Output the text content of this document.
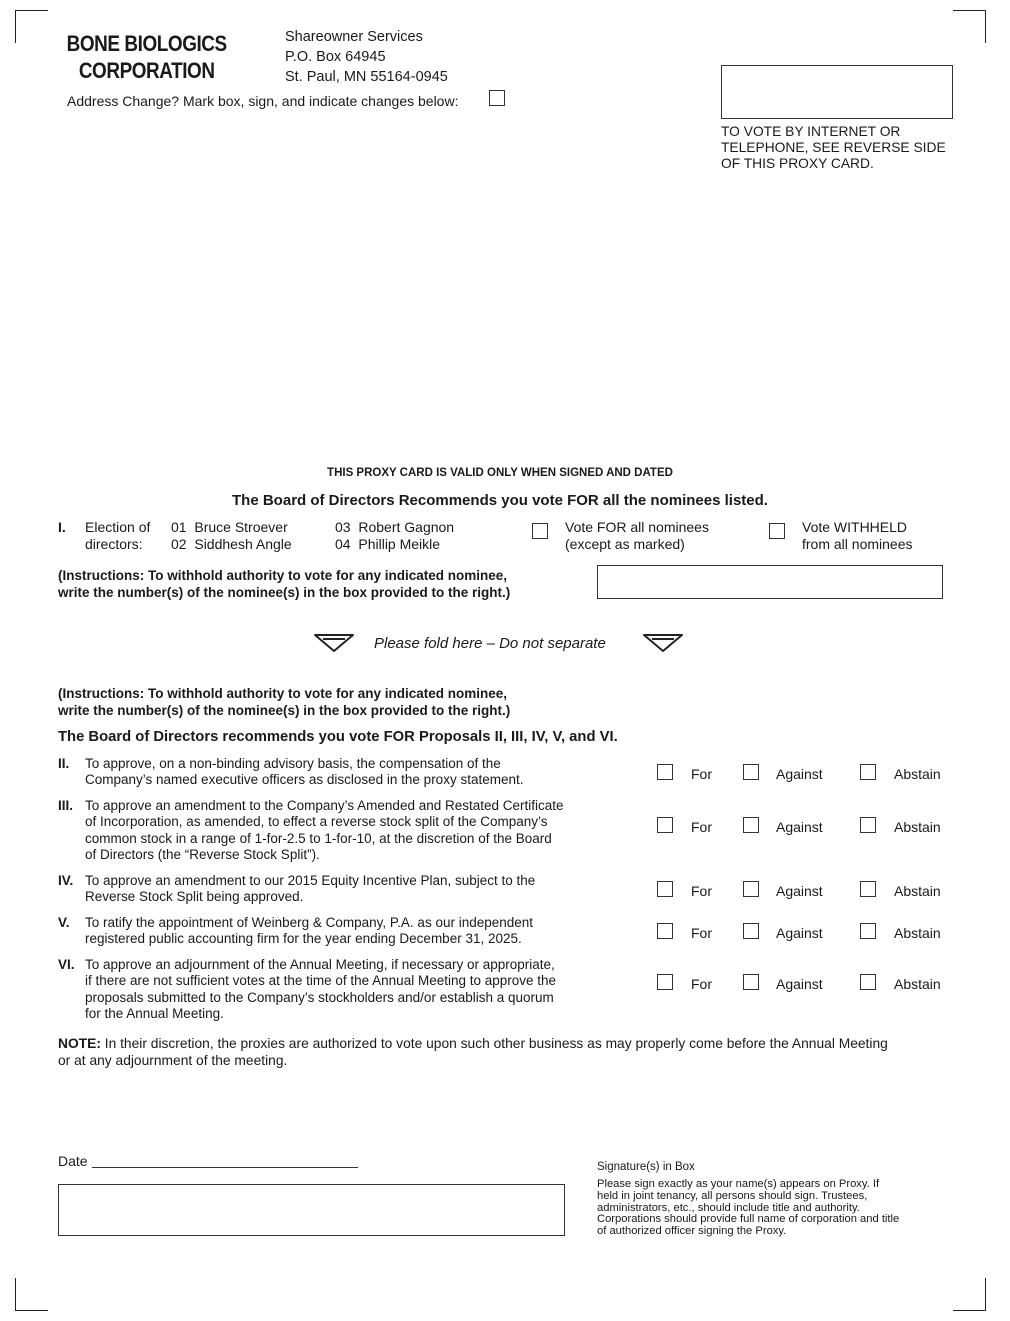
BONE BIOLOGICS
CORPORATION
Shareowner Services
P.O. Box 64945
St. Paul, MN 55164-0945
Address Change? Mark box, sign, and indicate changes below:
TO VOTE BY INTERNET OR
TELEPHONE, SEE REVERSE SIDE
OF THIS PROXY CARD.
THIS PROXY CARD IS VALID ONLY WHEN SIGNED AND DATED
The Board of Directors Recommends you vote FOR all the nominees listed.
I. Election of
directors:
01 Bruce Stroever
02 Siddhesh Angle
03 Robert Gagnon
04 Phillip Meikle
Vote FOR all nominees
(except as marked)
Vote WITHHELD
from all nominees
(Instructions: To withhold authority to vote for any indicated nominee,
write the number(s) of the nominee(s) in the box provided to the right.)
Please fold here – Do not separate
(Instructions: To withhold authority to vote for any indicated nominee,
write the number(s) of the nominee(s) in the box provided to the right.)
The Board of Directors recommends you vote FOR Proposals II, III, IV, V, and VI.
II. To approve, on a non-binding advisory basis, the compensation of the
Company’s named executive officers as disclosed in the proxy statement.	For	Against	Abstain
III. To approve an amendment to the Company’s Amended and Restated Certificate
of Incorporation, as amended, to effect a reverse stock split of the Company’s
common stock in a range of 1-for-2.5 to 1-for-10, at the discretion of the Board
of Directors (the “Reverse Stock Split”).
For	Against	Abstain
IV. To approve an amendment to our 2015 Equity Incentive Plan, subject to the
Reverse Stock Split being approved.	For	Against	Abstain
V. To ratify the appointment of Weinberg & Company, P.A. as our independent
registered public accounting firm for the year ending December 31, 2025.	For	Against	Abstain
VI. To approve an adjournment of the Annual Meeting, if necessary or appropriate,
if there are not sufficient votes at the time of the Annual Meeting to approve the
proposals submitted to the Company’s stockholders and/or establish a quorum
for the Annual Meeting.
For	Against	Abstain
NOTE: In their discretion, the proxies are authorized to vote upon such other business as may properly come before the Annual Meeting
or at any adjournment of the meeting.
Date	Signature(s) in Box
Please sign exactly as your name(s) appears on Proxy. If
held in joint tenancy, all persons should sign. Trustees,
administrators, etc., should include title and authority.
Corporations should provide full name of corporation and title
of authorized officer signing the Proxy.
